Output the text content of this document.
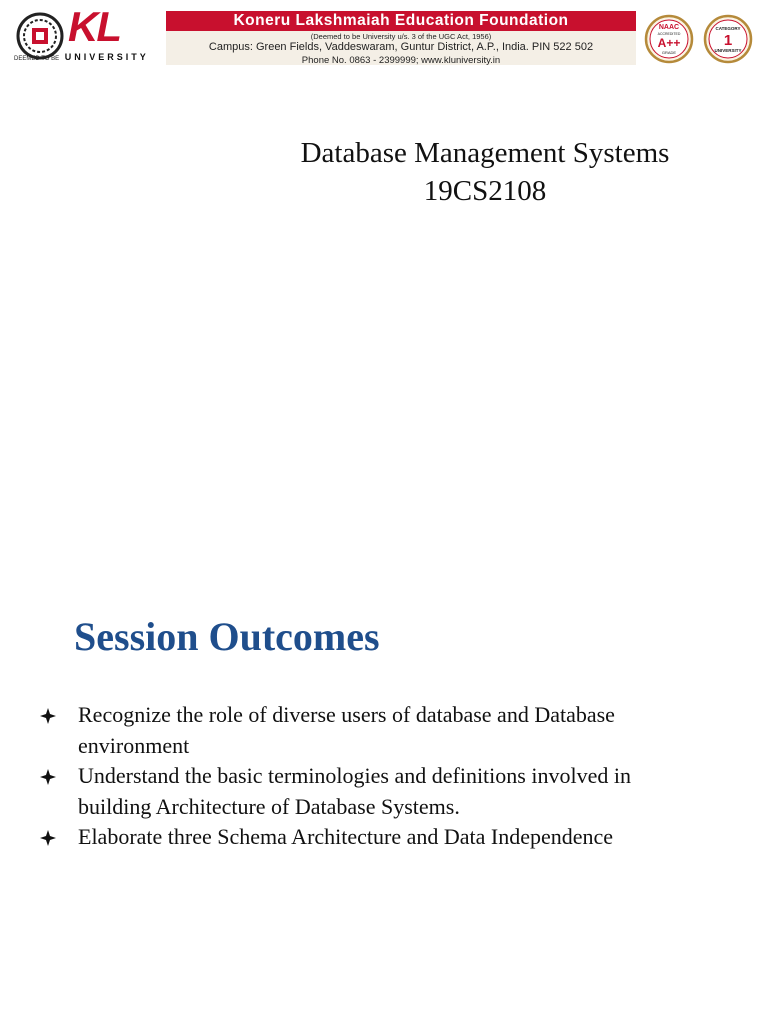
KL
DEEMED TO BE UNIVERSITY
Koneru Lakshmaiah Education Foundation
(Deemed to be University u/s. 3 of the UGC Act, 1956)
Campus: Green Fields, Vaddeswaram, Guntur District, A.P., India. PIN 522 502
Phone No. 0863 - 2399999; www.kluniversity.in
NAAC
ACCREDITED
A++
GRADE
CATEGORY
1
UNIVERSITY
Database Management Systems
19CS2108
Session Outcomes
Recognize the role of diverse users of database and Database environment
Understand the basic terminologies and definitions involved in building Architecture of Database Systems.
Elaborate three Schema Architecture and Data Independence
